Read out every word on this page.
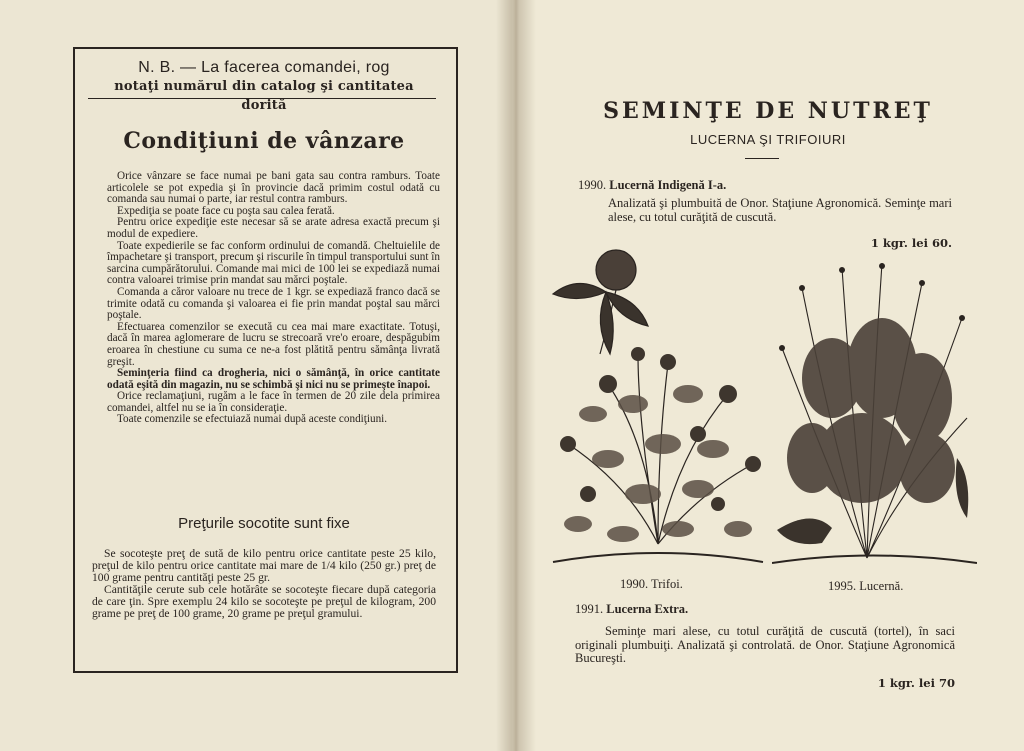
N. B. — La facerea comandei, rog
notaţi numărul din catalog şi cantitatea dorită
Condiţiuni de vânzare

Orice vânzare se face numai pe bani gata sau contra ramburs. Toate articolele se pot expedia şi în provincie dacă primim costul odată cu comanda sau numai o parte, iar restul contra ramburs.

Expediţia se poate face cu poşta sau calea ferată.

Pentru orice expediţie este necesar să se arate adresa exactă precum şi modul de expediere.

Toate expedierile se fac conform ordinului de comandă. Cheltuielile de împachetare şi transport, precum şi riscurile în timpul transportului sunt în sarcina cumpărătorului. Comande mai mici de 100 lei se expediază numai contra valoarei trimise prin mandat sau mărci poştale.

Comanda a căror valoare nu trece de 1 kgr. se expediază franco dacă se trimite odată cu comanda şi valoarea ei fie prin mandat poştal sau mărci poştale.

Efectuarea comenzilor se execută cu cea mai mare exactitate. Totuşi, dacă în marea aglomerare de lucru se strecoară vre'o eroare, despăgubim eroarea în chestiune cu suma ce ne-a fost plătită pentru sămânţa livrată greşit.

Seminţeria fiind ca drogheria, nici o sămânţă, în orice cantitate odată eşită din magazin, nu se schimbă şi nici nu se primeşte înapoi.

Orice reclamaţiuni, rugăm a le face în termen de 20 zile dela primirea comandei, altfel nu se ia în consideraţie.

Toate comenzile se efectuiază numai după aceste condiţiuni.

Preţurile socotite sunt fixe

Se socoteşte preţ de sută de kilo pentru orice cantitate peste 25 kilo, preţul de kilo pentru orice cantitate mai mare de 1/4 kilo (250 gr.) preţ de 100 grame pentru cantităţi peste 25 gr.

Cantităţile cerute sub cele hotărâte se socoteşte fiecare după categoria de care ţin. Spre exemplu 24 kilo se socoteşte pe preţul de kilogram, 200 grame pe preţ de 100 grame, 20 grame pe preţul gramului.

SEMINŢE DE NUTREŢ
LUCERNA ŞI TRIFOIURI
1990. Lucernă Indigenă I-a.
Analizată şi plumbuită de Onor. Staţiune Agronomică. Seminţe mari alese, cu totul curăţită de cuscută.
1 kgr. lei 60.
1990. Trifoi.	1995. Lucernă.
1991. Lucerna Extra.
Seminţe mari alese, cu totul curăţită de cuscută (tortel), în saci originali plumbuiţi. Analizată şi controlată. de Onor. Staţiune Agronomică Bucureşti.
1 kgr. lei 70
